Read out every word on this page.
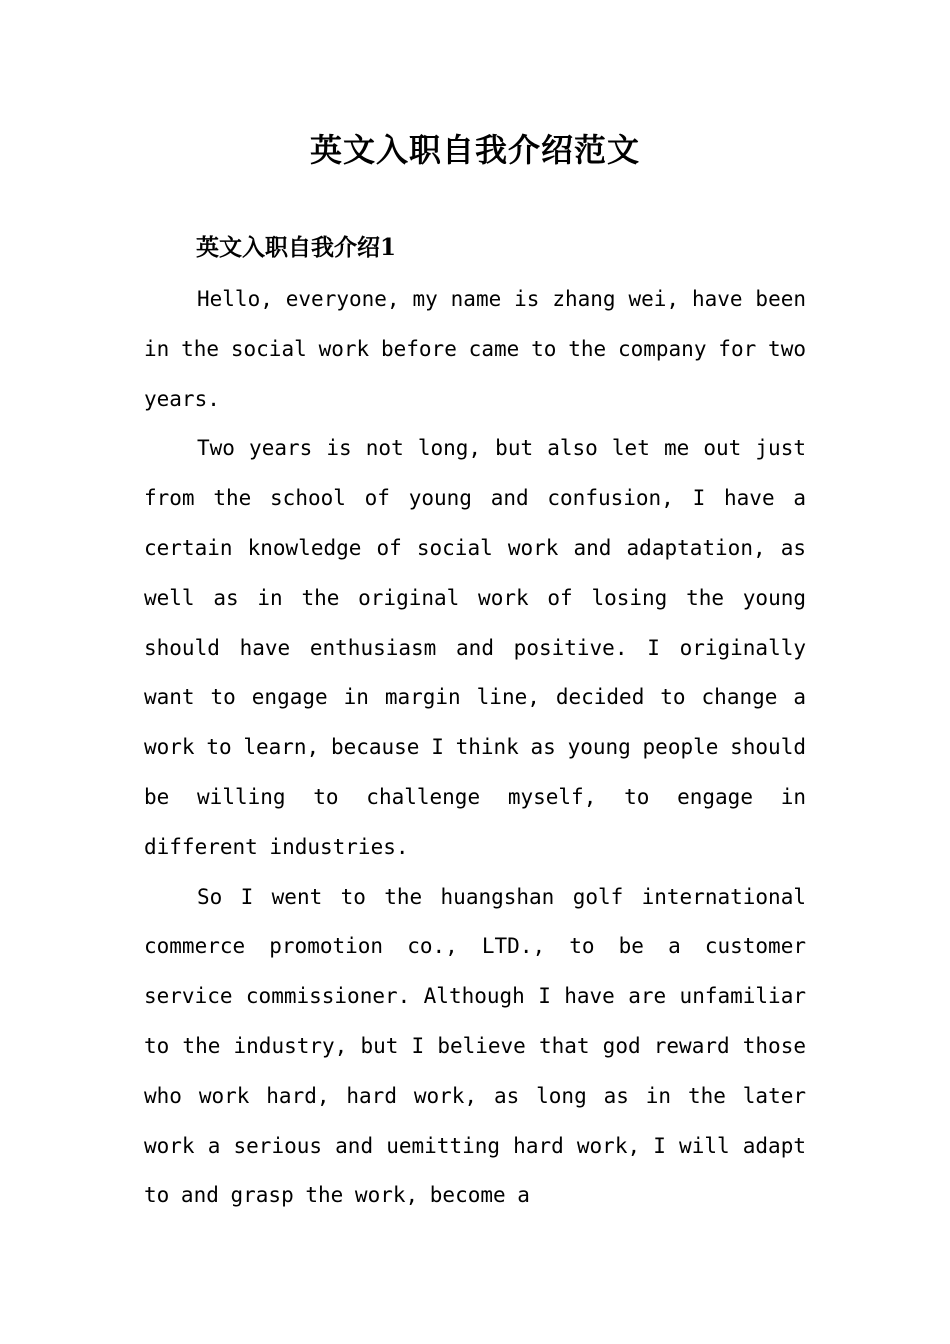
英文入职自我介绍范文
英文入职自我介绍1

Hello, everyone, my name is zhang wei, have been in the social work before came to the company for two years.

Two years is not long, but also let me out just from the school of young and confusion, I have a certain knowledge of social work and adaptation, as well as in the original work of losing the young should have enthusiasm and positive. I originally want to engage in margin line, decided to change a work to learn, because I think as young people should be willing to challenge myself, to engage in different industries.

So I went to the huangshan golf international commerce promotion co., LTD., to be a customer service commissioner. Although I have are unfamiliar to the industry, but I believe that god reward those who work hard, hard work, as long as in the later work a serious and uemitting hard work, I will adapt to and grasp the work, become a
